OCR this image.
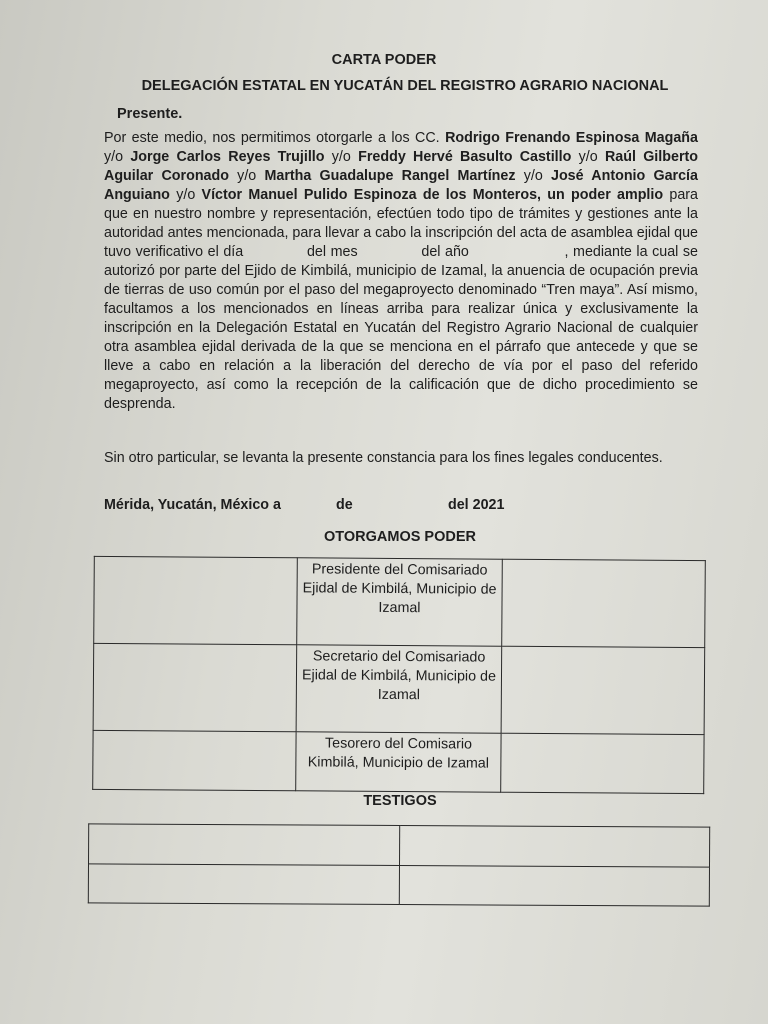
CARTA PODER
DELEGACIÓN ESTATAL EN YUCATÁN DEL REGISTRO AGRARIO NACIONAL
Presente.
Por este medio, nos permitimos otorgarle a los CC. Rodrigo Frenando Espinosa Magaña y/o Jorge Carlos Reyes Trujillo y/o Freddy Hervé Basulto Castillo y/o Raúl Gilberto Aguilar Coronado y/o Martha Guadalupe Rangel Martínez y/o José Antonio García Anguiano y/o Víctor Manuel Pulido Espinoza de los Monteros, un poder amplio para que en nuestro nombre y representación, efectúen todo tipo de trámites y gestiones ante la autoridad antes mencionada, para llevar a cabo la inscripción del acta de asamblea ejidal que tuvo verificativo el día              del mes              del año                     , mediante la cual se autorizó por parte del Ejido de Kimbilá, municipio de Izamal, la anuencia de ocupación previa de tierras de uso común por el paso del megaproyecto denominado “Tren maya”. Así mismo, facultamos a los mencionados en líneas arriba para realizar única y exclusivamente la inscripción en la Delegación Estatal en Yucatán del Registro Agrario Nacional de cualquier otra asamblea ejidal derivada de la que se menciona en el párrafo que antecede y que se lleve a cabo en relación a la liberación del derecho de vía por el paso del referido megaproyecto, así como la recepción de la calificación que de dicho procedimiento se desprenda.
Sin otro particular, se levanta la presente constancia para los fines legales conducentes.
Mérida, Yucatán, México a	de	del 2021
OTORGAMOS PODER
	Presidente del Comisariado Ejidal de Kimbilá, Municipio de Izamal	
	Secretario del Comisariado Ejidal de Kimbilá, Municipio de Izamal	
	Tesorero del Comisario Kimbilá, Municipio de Izamal	
TESTIGOS
